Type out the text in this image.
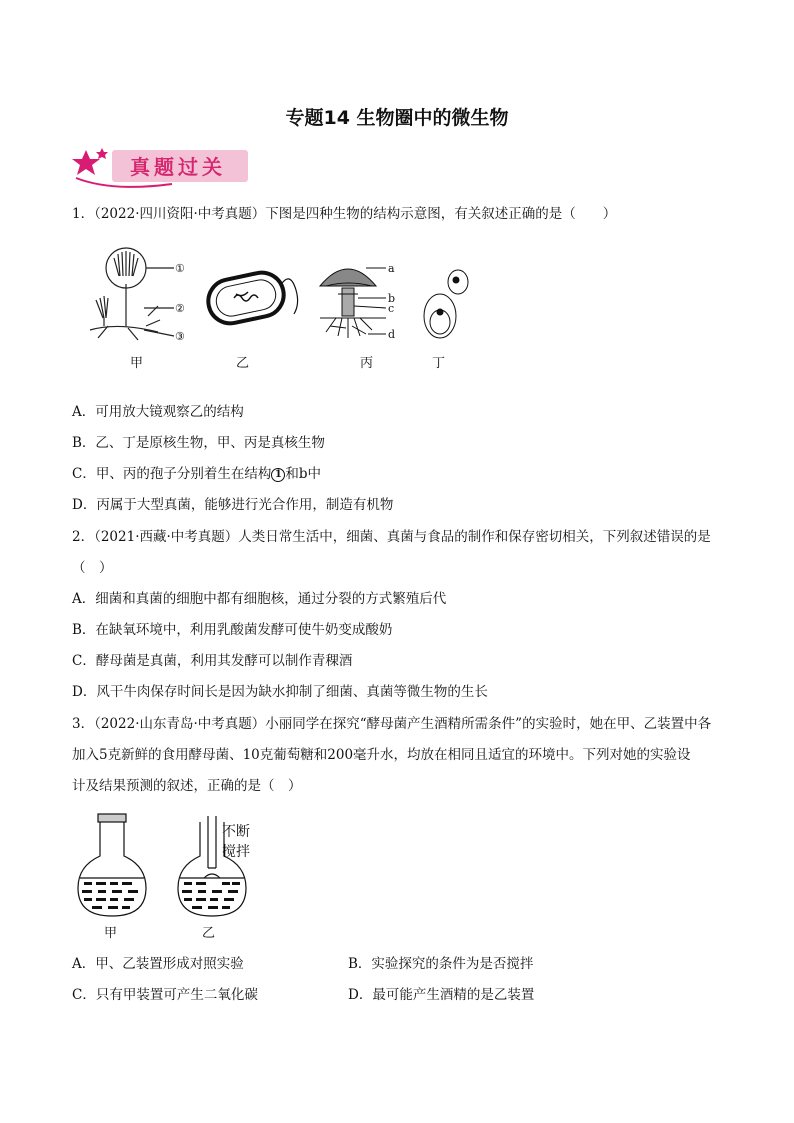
专题14 生物圈中的微生物
真题过关
1．（2022·四川资阳·中考真题）下图是四种生物的结构示意图，有关叙述正确的是（　　）
①
②
③
a
b
c
d
甲	乙	丙	丁
A．可用放大镜观察乙的结构
B．乙、丁是原核生物，甲、丙是真核生物
C．甲、丙的孢子分别着生在结构 1 和b中
D．丙属于大型真菌，能够进行光合作用，制造有机物
2．（2021·西藏·中考真题）人类日常生活中，细菌、真菌与食品的制作和保存密切相关，下列叙述错误的是
（　）
A．细菌和真菌的细胞中都有细胞核，通过分裂的方式繁殖后代
B．在缺氧环境中，利用乳酸菌发酵可使牛奶变成酸奶
C．酵母菌是真菌，利用其发酵可以制作青稞酒
D．风干牛肉保存时间长是因为缺水抑制了细菌、真菌等微生物的生长
3．（2022·山东青岛·中考真题）小丽同学在探究“酵母菌产生酒精所需条件”的实验时，她在甲、乙装置中各
加入5克新鲜的食用酵母菌、10克葡萄糖和200毫升水，均放在相同且适宜的环境中。下列对她的实验设
计及结果预测的叙述，正确的是（　）
不断
搅拌
甲	乙
A．甲、乙装置形成对照实验	B．实验探究的条件为是否搅拌
C．只有甲装置可产生二氧化碳	D．最可能产生酒精的是乙装置
